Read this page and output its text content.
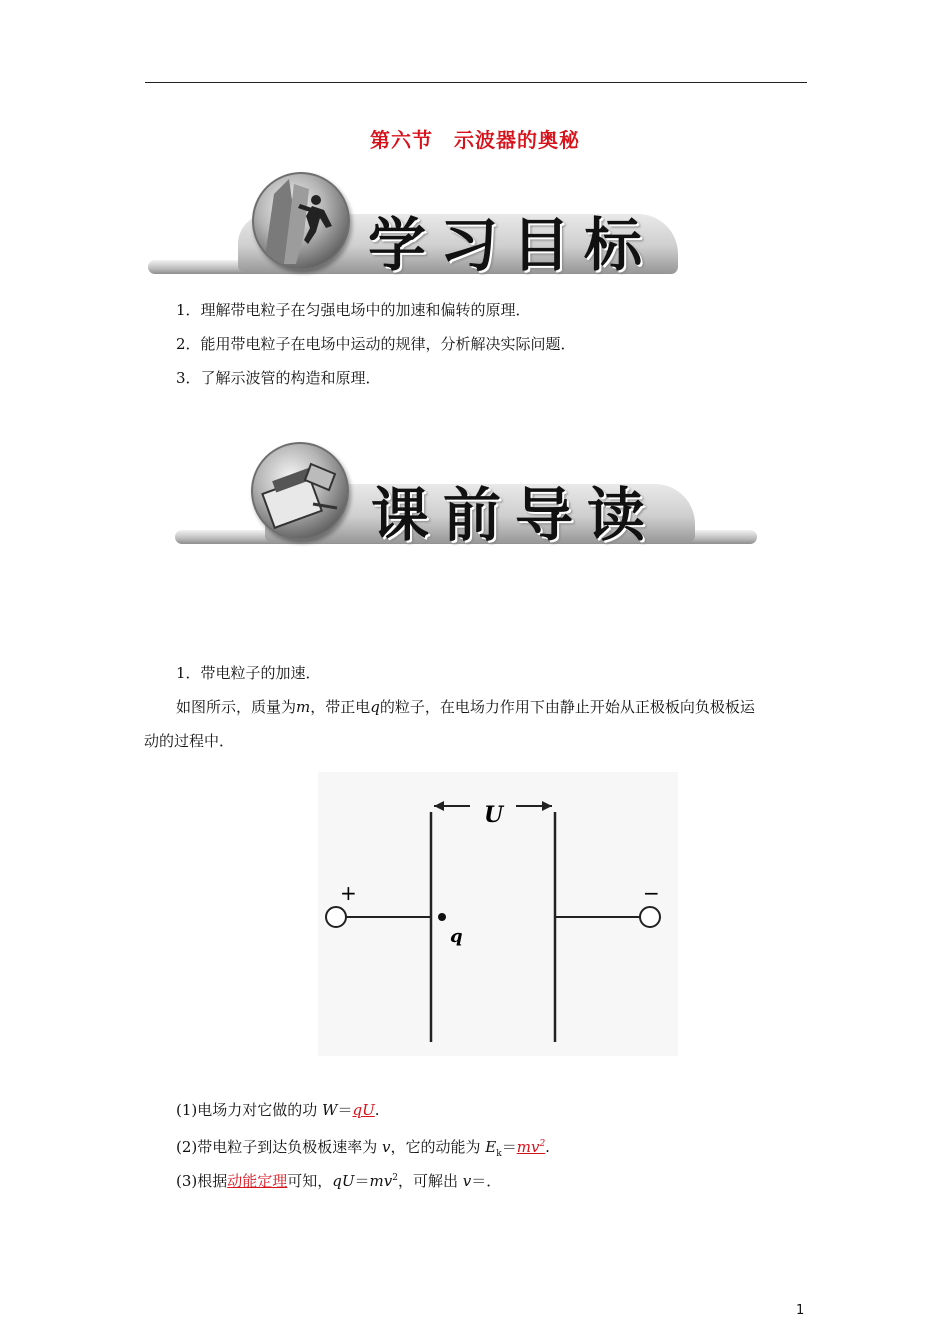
第六节　示波器的奥秘
学习目标
1．理解带电粒子在匀强电场中的加速和偏转的原理．
2．能用带电粒子在电场中运动的规律，分析解决实际问题．
3．了解示波管的构造和原理．
课前导读
1．带电粒子的加速．
如图所示，质量为m，带正电q的粒子，在电场力作用下由静止开始从正极板向负极板运
动的过程中．
+	−
q
U
(1)电场力对它做的功 W＝qU.
(2)带电粒子到达负极板速率为 v，它的动能为 $E_k=mv^2$.
(3)根据动能定理可知，$qU=mv^2$，可解出 v＝．
1
